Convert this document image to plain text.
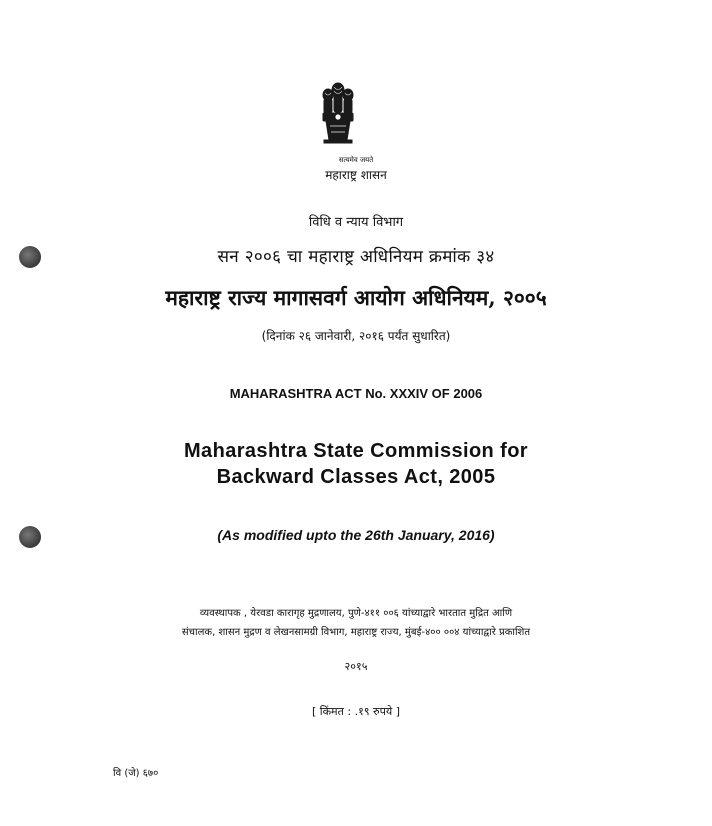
सत्यमेव जयते
महाराष्ट्र शासन
विधि व न्याय विभाग
सन २००६ चा महाराष्ट्र अधिनियम क्रमांक ३४
महाराष्ट्र राज्य मागासवर्ग आयोग अधिनियम, २००५
(दिनांक २६ जानेवारी, २०१६ पर्यंत सुधारित)
MAHARASHTRA ACT No. XXXIV OF 2006
Maharashtra State Commission for
Backward Classes Act, 2005
(As modified upto the 26th January, 2016)
व्यवस्थापक , येरवडा कारागृह मुद्रणालय, पुणे-४११ ००६ यांच्याद्वारे भारतात मुद्रित आणि
संचालक, शासन मुद्रण व लेखनसामग्री विभाग, महाराष्ट्र राज्य, मुंबई-४०० ००४ यांच्याद्वारे प्रकाशित
२०१५
[ किंमत : .१९ रुपये ]
वि (जे) ६७०
